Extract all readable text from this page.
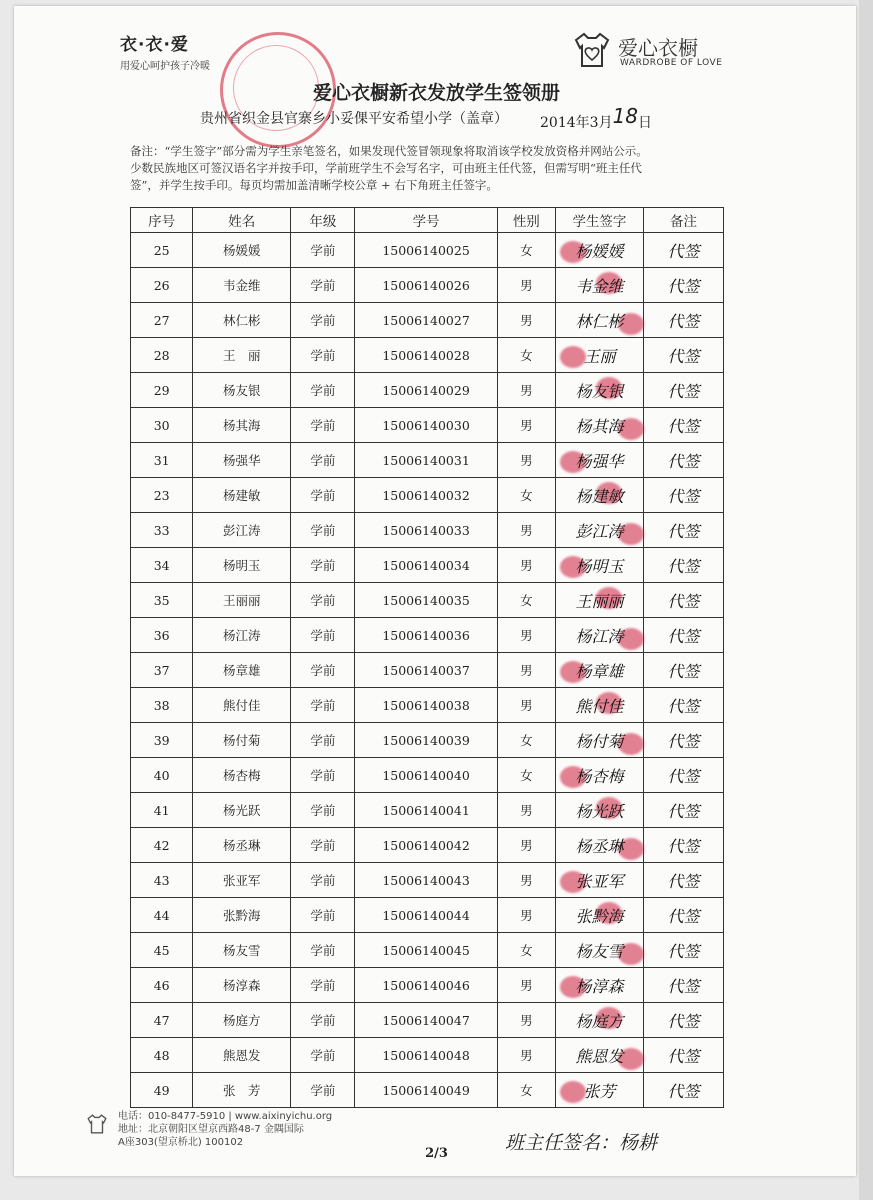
衣·衣·爱
用爱心呵护孩子冷暖
爱心衣橱
WARDROBE OF LOVE
爱心衣橱新衣发放学生签领册
贵州省织金县官寨乡小妥倮平安希望小学（盖章） 2014年3月18日
备注：“学生签字”部分需为学生亲笔签名，如果发现代签冒领现象将取消该学校发放资格并网站公示。
少数民族地区可签汉语名字并按手印，学前班学生不会写名字，可由班主任代签，但需写明“班主任代
签”，并学生按手印。每页均需加盖清晰学校公章 + 右下角班主任签字。
序号	姓名	年级	学号	性别	学生签字	备注
25	杨媛媛	学前	15006140025	女	杨媛媛	代签
26	韦金维	学前	15006140026	男	韦金维	代签
27	林仁彬	学前	15006140027	男	林仁彬	代签
28	王　丽	学前	15006140028	女	王丽	代签
29	杨友银	学前	15006140029	男	杨友银	代签
30	杨其海	学前	15006140030	男	杨其海	代签
31	杨强华	学前	15006140031	男	杨强华	代签
23	杨建敏	学前	15006140032	女	杨建敏	代签
33	彭江涛	学前	15006140033	男	彭江涛	代签
34	杨明玉	学前	15006140034	男	杨明玉	代签
35	王丽丽	学前	15006140035	女	王丽丽	代签
36	杨江涛	学前	15006140036	男	杨江涛	代签
37	杨章雄	学前	15006140037	男	杨章雄	代签
38	熊付佳	学前	15006140038	男	熊付佳	代签
39	杨付菊	学前	15006140039	女	杨付菊	代签
40	杨杏梅	学前	15006140040	女	杨杏梅	代签
41	杨光跃	学前	15006140041	男	杨光跃	代签
42	杨丞琳	学前	15006140042	男	杨丞琳	代签
43	张亚军	学前	15006140043	男	张亚军	代签
44	张黔海	学前	15006140044	男	张黔海	代签
45	杨友雪	学前	15006140045	女	杨友雪	代签
46	杨淳森	学前	15006140046	男	杨淳森	代签
47	杨庭方	学前	15006140047	男	杨庭方	代签
48	熊恩发	学前	15006140048	男	熊恩发	代签
49	张　芳	学前	15006140049	女	张芳	代签
电话：010-8477-5910 | www.aixinyichu.org
地址：北京朝阳区望京西路48-7 金隅国际
A座303(望京桥北) 100102	班主任签名：杨耕
2/3
